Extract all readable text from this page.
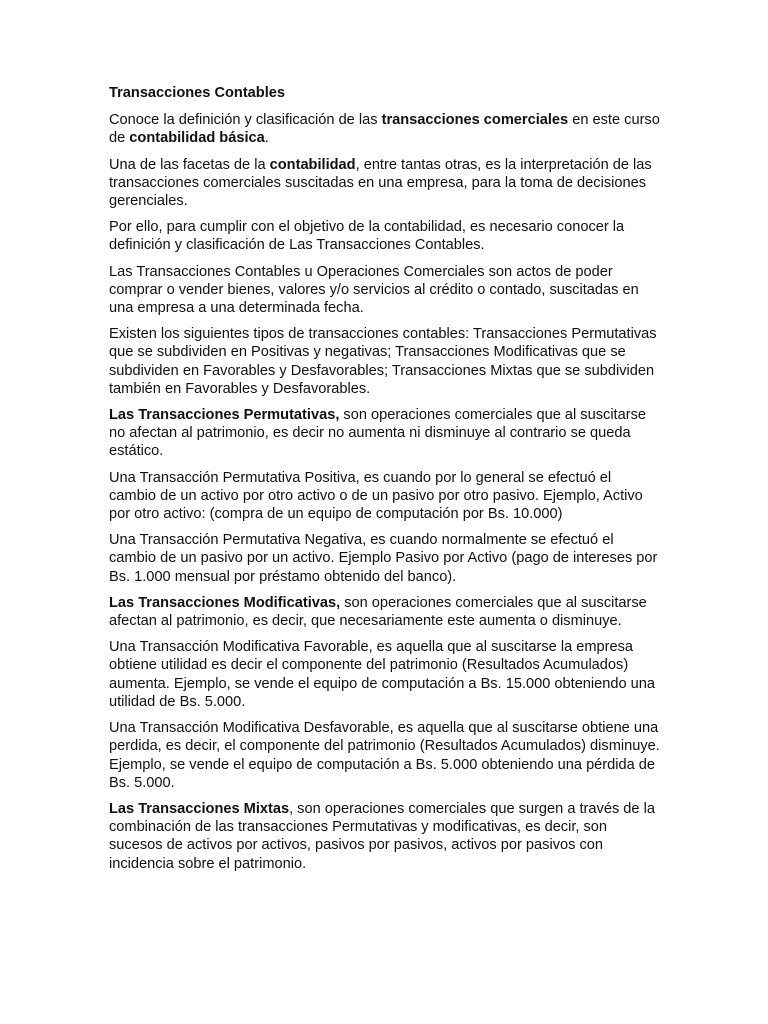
Transacciones Contables

Conoce la definición y clasificación de las transacciones comerciales en este curso de contabilidad básica.

Una de las facetas de la contabilidad, entre tantas otras, es la interpretación de las transacciones comerciales suscitadas en una empresa, para la toma de decisiones gerenciales.

Por ello, para cumplir con el objetivo de la contabilidad, es necesario conocer la definición y clasificación de Las Transacciones Contables.

Las Transacciones Contables u Operaciones Comerciales son actos de poder comprar o vender bienes, valores y/o servicios al crédito o contado, suscitadas en una empresa a una determinada fecha.

Existen los siguientes tipos de transacciones contables: Transacciones Permutativas que se subdividen en Positivas y negativas; Transacciones Modificativas que se subdividen en Favorables y Desfavorables; Transacciones Mixtas que se subdividen también en Favorables y Desfavorables.

Las Transacciones Permutativas, son operaciones comerciales que al suscitarse no afectan al patrimonio, es decir no aumenta ni disminuye al contrario se queda estático.

Una Transacción Permutativa Positiva, es cuando por lo general se efectuó el cambio de un activo por otro activo o de un pasivo por otro pasivo. Ejemplo, Activo por otro activo: (compra de un equipo de computación por Bs. 10.000)

Una Transacción Permutativa Negativa, es cuando normalmente se efectuó el cambio de un pasivo por un activo. Ejemplo Pasivo por Activo (pago de intereses por Bs. 1.000 mensual por préstamo obtenido del banco).

Las Transacciones Modificativas, son operaciones comerciales que al suscitarse afectan al patrimonio, es decir, que necesariamente este aumenta o disminuye.

Una Transacción Modificativa Favorable, es aquella que al suscitarse la empresa obtiene utilidad es decir el componente del patrimonio (Resultados Acumulados) aumenta. Ejemplo, se vende el equipo de computación a Bs. 15.000 obteniendo una utilidad de Bs. 5.000.

Una Transacción Modificativa Desfavorable, es aquella que al suscitarse obtiene una perdida, es decir, el componente del patrimonio (Resultados Acumulados) disminuye. Ejemplo, se vende el equipo de computación a Bs. 5.000 obteniendo una pérdida de Bs. 5.000.

Las Transacciones Mixtas, son operaciones comerciales que surgen a través de la combinación de las transacciones Permutativas y modificativas, es decir, son sucesos de activos por activos, pasivos por pasivos, activos por pasivos con incidencia sobre el patrimonio.
